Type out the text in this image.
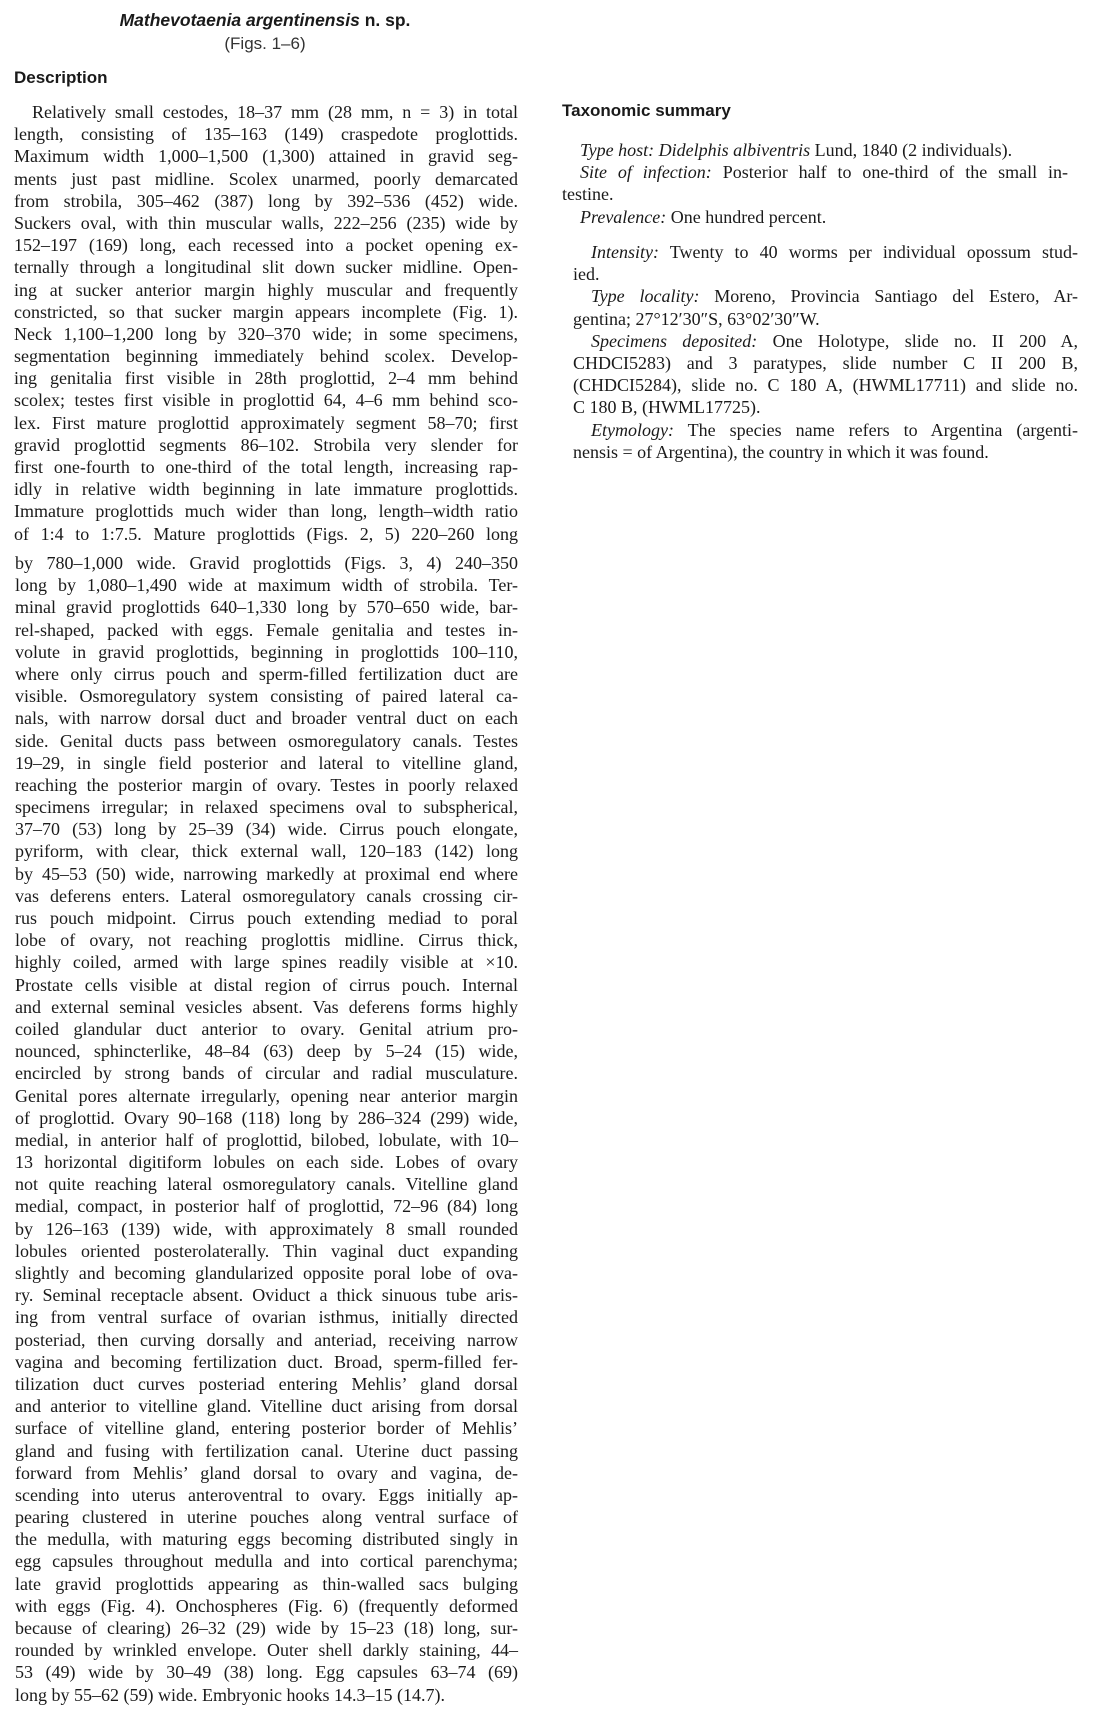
Mathevotaenia argentinensis n. sp.
(Figs. 1–6)
Description
Taxonomic summary
Relatively small cestodes, 18–37 mm (28 mm, n = 3) in total
length, consisting of 135–163 (149) craspedote proglottids.
Maximum width 1,000–1,500 (1,300) attained in gravid seg-
ments just past midline. Scolex unarmed, poorly demarcated
from strobila, 305–462 (387) long by 392–536 (452) wide.
Suckers oval, with thin muscular walls, 222–256 (235) wide by
152–197 (169) long, each recessed into a pocket opening ex-
ternally through a longitudinal slit down sucker midline. Open-
ing at sucker anterior margin highly muscular and frequently
constricted, so that sucker margin appears incomplete (Fig. 1).
Neck 1,100–1,200 long by 320–370 wide; in some specimens,
segmentation beginning immediately behind scolex. Develop-
ing genitalia first visible in 28th proglottid, 2–4 mm behind
scolex; testes first visible in proglottid 64, 4–6 mm behind sco-
lex. First mature proglottid approximately segment 58–70; first
gravid proglottid segments 86–102. Strobila very slender for
first one-fourth to one-third of the total length, increasing rap-
idly in relative width beginning in late immature proglottids.
Immature proglottids much wider than long, length–width ratio
of 1:4 to 1:7.5. Mature proglottids (Figs. 2, 5) 220–260 long
by 780–1,000 wide. Gravid proglottids (Figs. 3, 4) 240–350
long by 1,080–1,490 wide at maximum width of strobila. Ter-
minal gravid proglottids 640–1,330 long by 570–650 wide, bar-
rel-shaped, packed with eggs. Female genitalia and testes in-
volute in gravid proglottids, beginning in proglottids 100–110,
where only cirrus pouch and sperm-filled fertilization duct are
visible. Osmoregulatory system consisting of paired lateral ca-
nals, with narrow dorsal duct and broader ventral duct on each
side. Genital ducts pass between osmoregulatory canals. Testes
19–29, in single field posterior and lateral to vitelline gland,
reaching the posterior margin of ovary. Testes in poorly relaxed
specimens irregular; in relaxed specimens oval to subspherical,
37–70 (53) long by 25–39 (34) wide. Cirrus pouch elongate,
pyriform, with clear, thick external wall, 120–183 (142) long
by 45–53 (50) wide, narrowing markedly at proximal end where
vas deferens enters. Lateral osmoregulatory canals crossing cir-
rus pouch midpoint. Cirrus pouch extending mediad to poral
lobe of ovary, not reaching proglottis midline. Cirrus thick,
highly coiled, armed with large spines readily visible at ×10.
Prostate cells visible at distal region of cirrus pouch. Internal
and external seminal vesicles absent. Vas deferens forms highly
coiled glandular duct anterior to ovary. Genital atrium pro-
nounced, sphincterlike, 48–84 (63) deep by 5–24 (15) wide,
encircled by strong bands of circular and radial musculature.
Genital pores alternate irregularly, opening near anterior margin
of proglottid. Ovary 90–168 (118) long by 286–324 (299) wide,
medial, in anterior half of proglottid, bilobed, lobulate, with 10–
13 horizontal digitiform lobules on each side. Lobes of ovary
not quite reaching lateral osmoregulatory canals. Vitelline gland
medial, compact, in posterior half of proglottid, 72–96 (84) long
by 126–163 (139) wide, with approximately 8 small rounded
lobules oriented posterolaterally. Thin vaginal duct expanding
slightly and becoming glandularized opposite poral lobe of ova-
ry. Seminal receptacle absent. Oviduct a thick sinuous tube aris-
ing from ventral surface of ovarian isthmus, initially directed
posteriad, then curving dorsally and anteriad, receiving narrow
vagina and becoming fertilization duct. Broad, sperm-filled fer-
tilization duct curves posteriad entering Mehlis’ gland dorsal
and anterior to vitelline gland. Vitelline duct arising from dorsal
surface of vitelline gland, entering posterior border of Mehlis’
gland and fusing with fertilization canal. Uterine duct passing
forward from Mehlis’ gland dorsal to ovary and vagina, de-
scending into uterus anteroventral to ovary. Eggs initially ap-
pearing clustered in uterine pouches along ventral surface of
the medulla, with maturing eggs becoming distributed singly in
egg capsules throughout medulla and into cortical parenchyma;
late gravid proglottids appearing as thin-walled sacs bulging
with eggs (Fig. 4). Onchospheres (Fig. 6) (frequently deformed
because of clearing) 26–32 (29) wide by 15–23 (18) long, sur-
rounded by wrinkled envelope. Outer shell darkly staining, 44–
53 (49) wide by 30–49 (38) long. Egg capsules 63–74 (69)
long by 55–62 (59) wide. Embryonic hooks 14.3–15 (14.7).
Type host: Didelphis albiventris Lund, 1840 (2 individuals).
Site of infection: Posterior half to one-third of the small in-
testine.
Prevalence: One hundred percent.
Intensity: Twenty to 40 worms per individual opossum stud-
ied.
Type locality: Moreno, Provincia Santiago del Estero, Ar-
gentina; 27°12′30″S, 63°02′30″W.
Specimens deposited: One Holotype, slide no. II 200 A,
CHDCI5283) and 3 paratypes, slide number C II 200 B,
(CHDCI5284), slide no. C 180 A, (HWML17711) and slide no.
C 180 B, (HWML17725).
Etymology: The species name refers to Argentina (argenti-
nensis = of Argentina), the country in which it was found.
